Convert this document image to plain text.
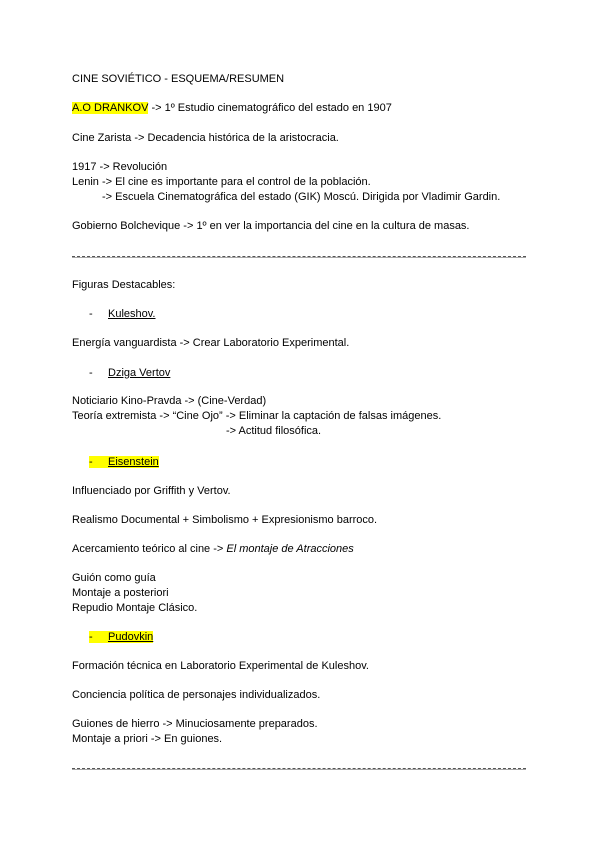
CINE SOVIÉTICO - ESQUEMA/RESUMEN
A.O DRANKOV -> 1º Estudio cinematográfico del estado en 1907
Cine Zarista -> Decadencia histórica de la aristocracia.
1917 -> Revolución
Lenin -> El cine es importante para el control de la población.
-> Escuela Cinematográfica del estado (GIK) Moscú. Dirigida por Vladimir Gardin.
Gobierno Bolchevique -> 1º en ver la importancia del cine en la cultura de masas.
Figuras Destacables:
- Kuleshov.
Energía vanguardista -> Crear Laboratorio Experimental.
- Dziga Vertov
Noticiario Kino-Pravda -> (Cine-Verdad)
Teoría extremista -> “Cine Ojo” -> Eliminar la captación de falsas imágenes.
-> Actitud filosófica.
- Eisenstein
Influenciado por Griffith y Vertov.
Realismo Documental + Simbolismo + Expresionismo barroco.
Acercamiento teórico al cine -> El montaje de Atracciones
Guión como guía
Montaje a posteriori
Repudio Montaje Clásico.
- Pudovkin
Formación técnica en Laboratorio Experimental de Kuleshov.
Conciencia política de personajes individualizados.
Guiones de hierro -> Minuciosamente preparados.
Montaje a priori -> En guiones.
